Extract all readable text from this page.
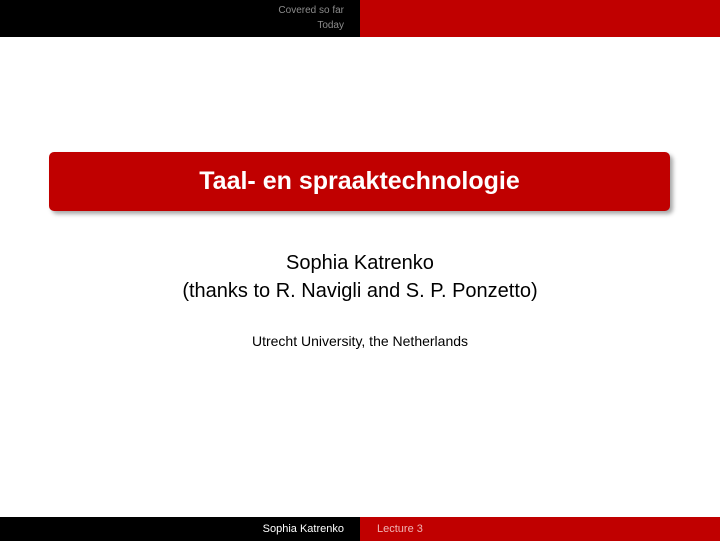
Covered so far
Today
Taal- en spraaktechnologie
Sophia Katrenko
(thanks to R. Navigli and S. P. Ponzetto)
Utrecht University, the Netherlands
Sophia Katrenko	Lecture 3
